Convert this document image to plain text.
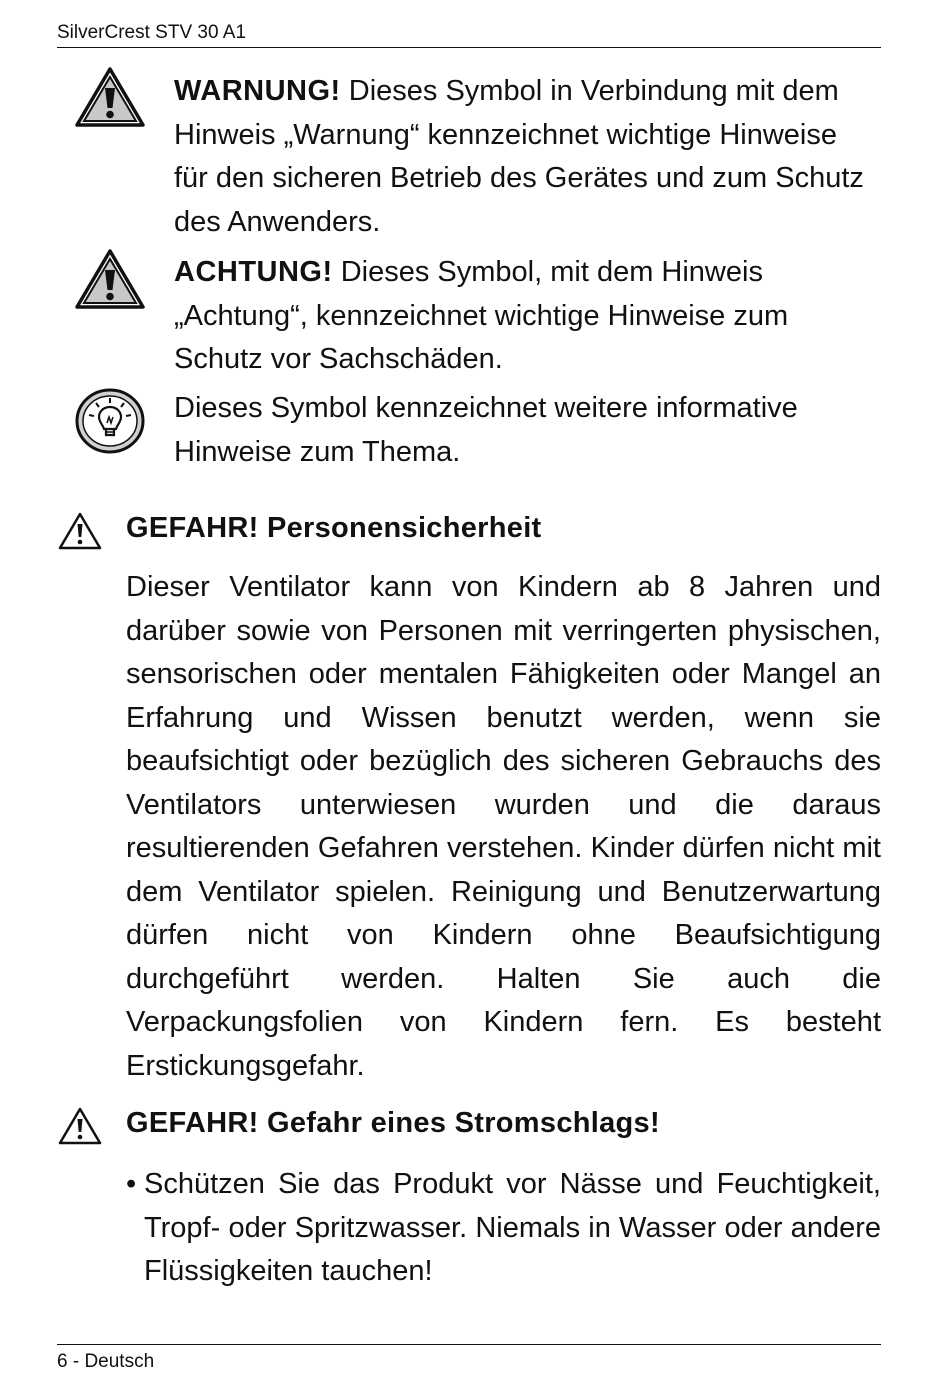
SilverCrest STV 30 A1
WARNUNG! Dieses Symbol in Verbindung mit dem Hinweis „Warnung“ kennzeichnet wichtige Hinweise für den sicheren Betrieb des Gerätes und zum Schutz des Anwenders.
ACHTUNG! Dieses Symbol, mit dem Hinweis „Achtung“, kennzeichnet wichtige Hinweise zum Schutz vor Sachschäden.
Dieses Symbol kennzeichnet weitere informative Hinweise zum Thema.
GEFAHR! Personensicherheit
Dieser Ventilator kann von Kindern ab 8 Jahren und darüber sowie von Personen mit verringerten physischen, sensorischen oder mentalen Fähigkeiten oder Mangel an Erfahrung und Wissen benutzt werden, wenn sie beaufsichtigt oder bezüglich des sicheren Gebrauchs des Ventilators unterwiesen wurden und die daraus resultierenden Gefahren verstehen. Kinder dürfen nicht mit dem Ventilator spielen. Reinigung und Benutzerwartung dürfen nicht von Kindern ohne Beaufsichtigung durchgeführt werden. Halten Sie auch die Verpackungsfolien von Kindern fern. Es besteht Erstickungsgefahr.
GEFAHR! Gefahr eines Stromschlags!
• Schützen Sie das Produkt vor Nässe und Feuchtigkeit, Tropf- oder Spritzwasser. Niemals in Wasser oder andere Flüssigkeiten tauchen!
6 - Deutsch
